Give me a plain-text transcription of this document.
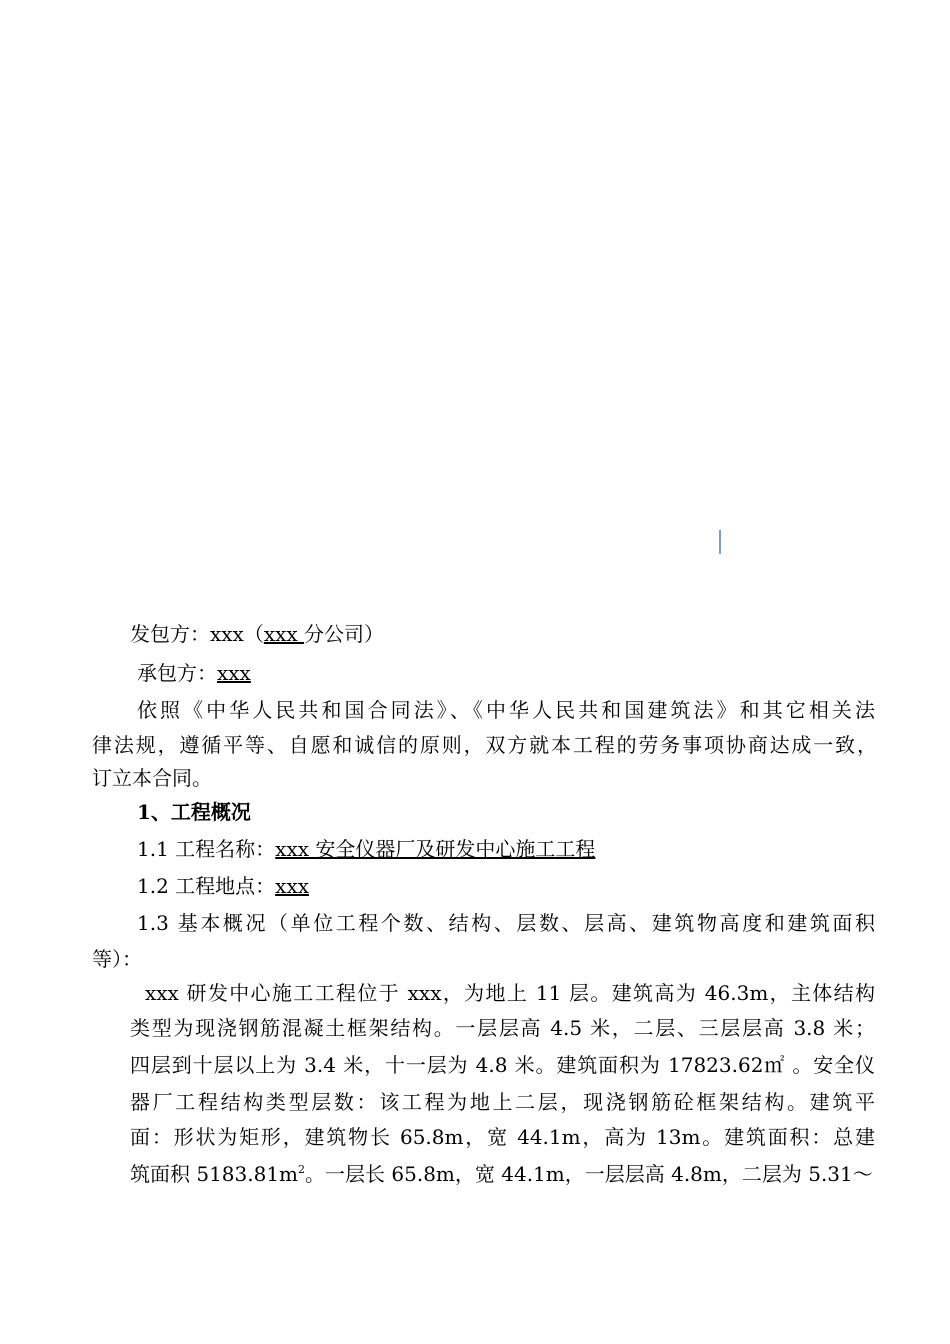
发包方：xxx（xxx 分公司）
承包方：xxx
依照《中华人民共和国合同法》、《中华人民共和国建筑法》和其它相关法
律法规，遵循平等、自愿和诚信的原则，双方就本工程的劳务事项协商达成一致，
订立本合同。
1、工程概况
1.1 工程名称：xxx 安全仪器厂及研发中心施工工程
1.2 工程地点：xxx
1.3 基本概况（单位工程个数、结构、层数、层高、建筑物高度和建筑面积
等）：
xxx 研发中心施工工程位于 xxx，为地上 11 层。建筑高为 46.3m，主体结构
类型为现浇钢筋混凝土框架结构。一层层高 4.5 米，二层、三层层高 3.8 米；
四层到十层以上为 3.4 米，十一层为 4.8 米。建筑面积为 17823.62㎡ 。安全仪
器厂工程结构类型层数：该工程为地上二层，现浇钢筋砼框架结构。建筑平
面：形状为矩形，建筑物长 65.8m，宽 44.1m，高为 13m。建筑面积：总建
筑面积 $5183.81m^2$。一层长 65.8m，宽 44.1m，一层层高 4.8m，二层为 5.31～
